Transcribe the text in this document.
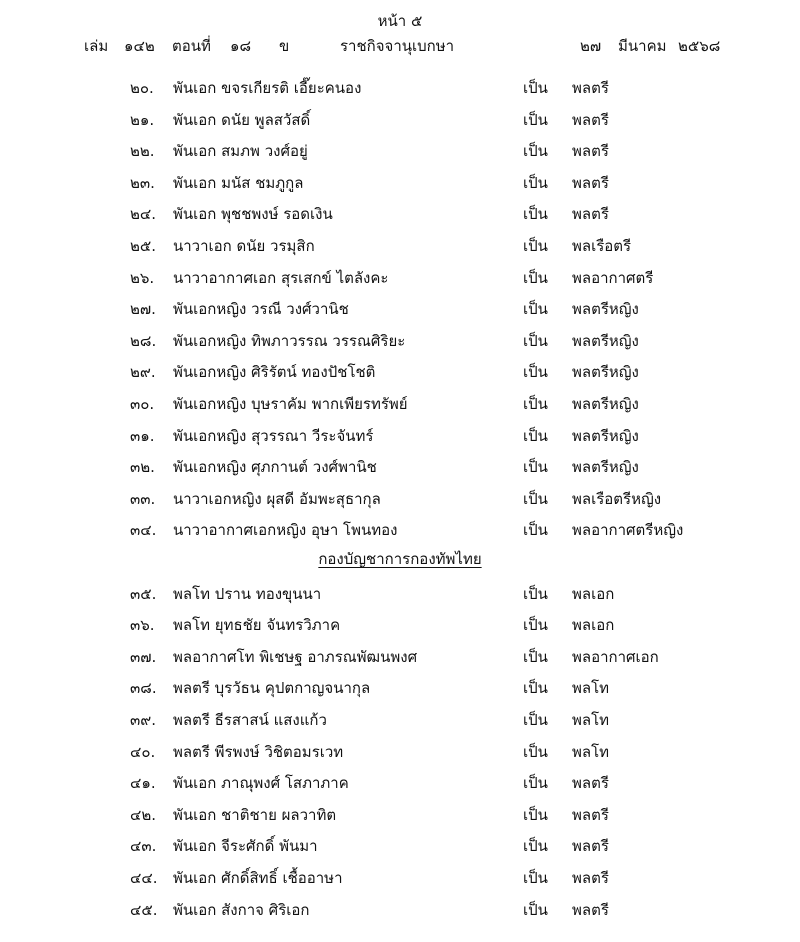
หน้า ๕
เล่ม ๑๔๒ ตอนที่ ๑๘ ข	ราชกิจจานุเบกษา	๒๗ มีนาคม ๒๕๖๘
๒๐. พันเอก ขจรเกียรติ เอี๊ยะคนอง	เป็น พลตรี
๒๑. พันเอก ดนัย พูลสวัสดิ์	เป็น พลตรี
๒๒. พันเอก สมภพ วงศ์อยู่	เป็น พลตรี
๒๓. พันเอก มนัส ชมภูกูล	เป็น พลตรี
๒๔. พันเอก พุชชพงษ์ รอดเงิน	เป็น พลตรี
๒๕. นาวาเอก ดนัย วรมุสิก	เป็น พลเรือตรี
๒๖. นาวาอากาศเอก สุรเสกข์ ไตลังคะ	เป็น พลอากาศตรี
๒๗. พันเอกหญิง วรณี วงศ์วานิช	เป็น พลตรีหญิง
๒๘. พันเอกหญิง ทิพภาวรรณ วรรณศิริยะ	เป็น พลตรีหญิง
๒๙. พันเอกหญิง ศิริรัตน์ ทองปัชโชติ	เป็น พลตรีหญิง
๓๐. พันเอกหญิง บุษราคัม พากเพียรทรัพย์	เป็น พลตรีหญิง
๓๑. พันเอกหญิง สุวรรณา วีระจันทร์	เป็น พลตรีหญิง
๓๒. พันเอกหญิง ศุภกานต์ วงศ์พานิช	เป็น พลตรีหญิง
๓๓. นาวาเอกหญิง ผุสดี อัมพะสุธากุล	เป็น พลเรือตรีหญิง
๓๔. นาวาอากาศเอกหญิง อุษา โพนทอง	เป็น พลอากาศตรีหญิง
กองบัญชาการกองทัพไทย
๓๕. พลโท ปราน ทองขุนนา	เป็น พลเอก
๓๖. พลโท ยุทธชัย จันทรวิภาค	เป็น พลเอก
๓๗. พลอากาศโท พิเชษฐ อาภรณพัฒนพงศ	เป็น พลอากาศเอก
๓๘. พลตรี บุรวัธน คุปตกาญจนากุล	เป็น พลโท
๓๙. พลตรี ธีรสาสน์ แสงแก้ว	เป็น พลโท
๔๐. พลตรี พีรพงษ์ วิชิตอมรเวท	เป็น พลโท
๔๑. พันเอก ภาณุพงศ์ โสภาภาค	เป็น พลตรี
๔๒. พันเอก ชาติชาย ผลวาทิต	เป็น พลตรี
๔๓. พันเอก จีระศักดิ์ พันมา	เป็น พลตรี
๔๔. พันเอก ศักดิ์สิทธิ์ เชื้ออาษา	เป็น พลตรี
๔๕. พันเอก สังกาจ ศิริเอก	เป็น พลตรี
